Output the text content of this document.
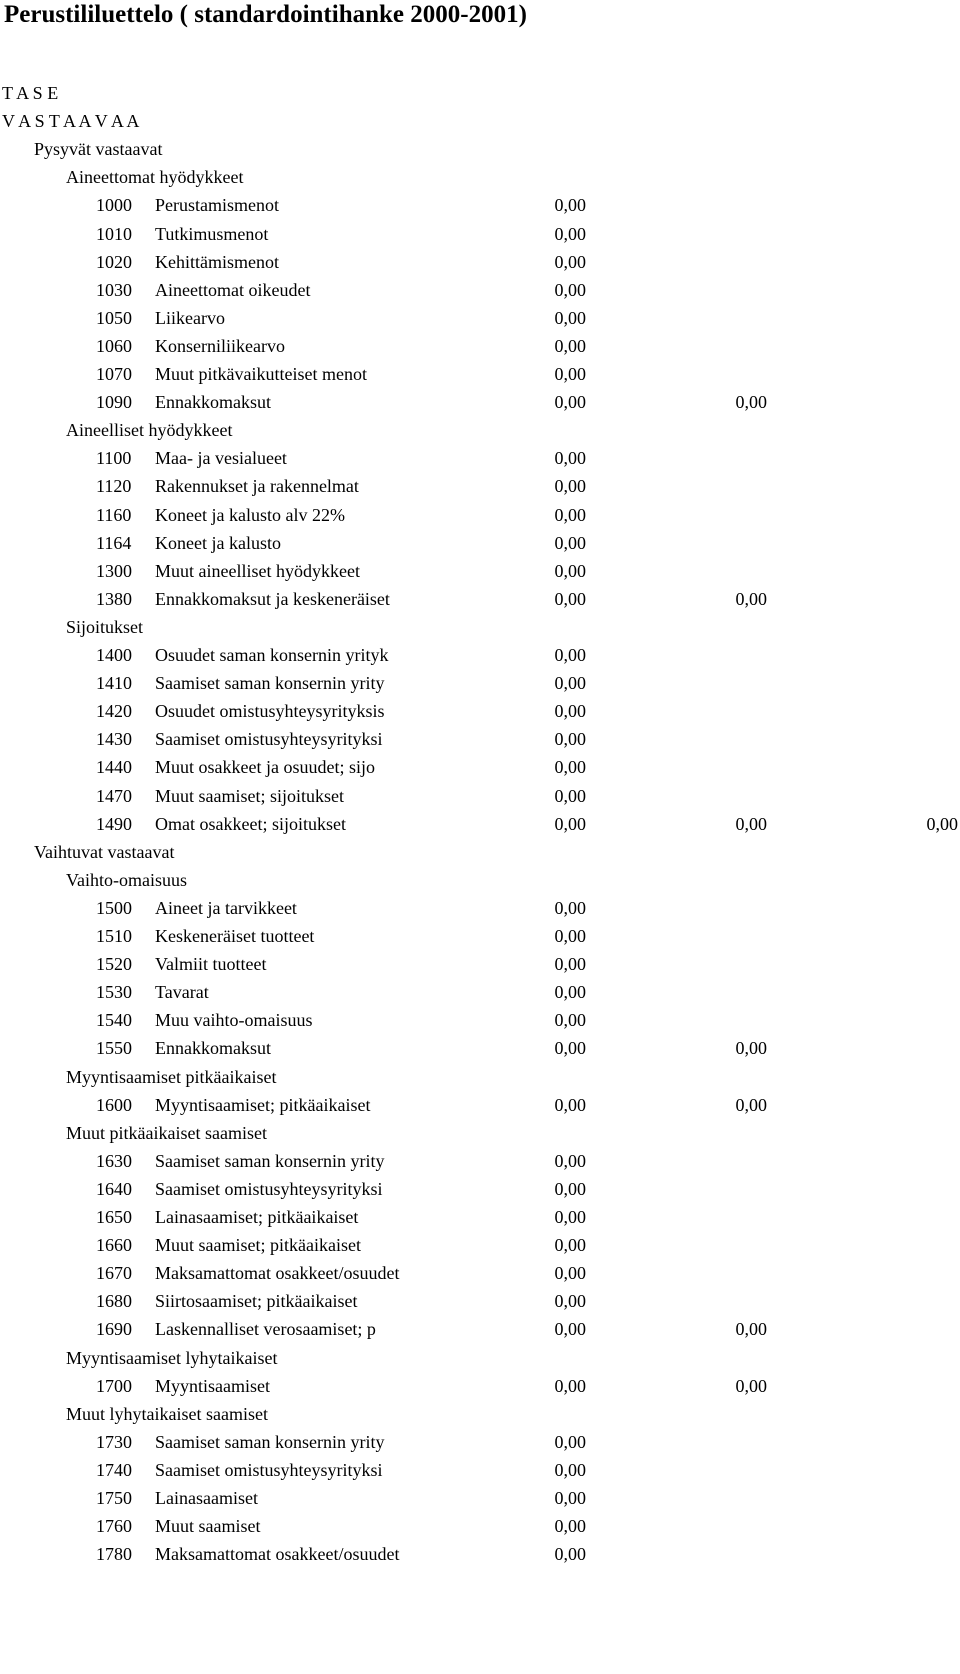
Perustililuettelo ( standardointihanke 2000-2001)
T A S E
V A S T A A V A A
Pysyvät vastaavat
Aineettomat hyödykkeet
1000 Perustamismenot	0,00
1010 Tutkimusmenot	0,00
1020 Kehittämismenot	0,00
1030 Aineettomat oikeudet	0,00
1050 Liikearvo	0,00
1060 Konserniliikearvo	0,00
1070 Muut pitkävaikutteiset menot	0,00
1090 Ennakkomaksut	0,00	0,00
Aineelliset hyödykkeet
1100 Maa- ja vesialueet	0,00
1120 Rakennukset ja rakennelmat	0,00
1160 Koneet ja kalusto alv 22%	0,00
1164 Koneet ja kalusto	0,00
1300 Muut aineelliset hyödykkeet	0,00
1380 Ennakkomaksut ja keskeneräiset	0,00	0,00
Sijoitukset
1400 Osuudet saman konsernin yrityk	0,00
1410 Saamiset saman konsernin yrity	0,00
1420 Osuudet omistusyhteysyrityksis	0,00
1430 Saamiset omistusyhteysyrityksi	0,00
1440 Muut osakkeet ja osuudet; sijo	0,00
1470 Muut saamiset; sijoitukset	0,00
1490 Omat osakkeet; sijoitukset	0,00	0,00	0,00
Vaihtuvat vastaavat
Vaihto-omaisuus
1500 Aineet ja tarvikkeet	0,00
1510 Keskeneräiset tuotteet	0,00
1520 Valmiit tuotteet	0,00
1530 Tavarat	0,00
1540 Muu vaihto-omaisuus	0,00
1550 Ennakkomaksut	0,00	0,00
Myyntisaamiset pitkäaikaiset
1600 Myyntisaamiset; pitkäaikaiset	0,00	0,00
Muut pitkäaikaiset saamiset
1630 Saamiset saman konsernin yrity	0,00
1640 Saamiset omistusyhteysyrityksi	0,00
1650 Lainasaamiset; pitkäaikaiset	0,00
1660 Muut saamiset; pitkäaikaiset	0,00
1670 Maksamattomat osakkeet/osuudet	0,00
1680 Siirtosaamiset; pitkäaikaiset	0,00
1690 Laskennalliset verosaamiset; p	0,00	0,00
Myyntisaamiset lyhytaikaiset
1700 Myyntisaamiset	0,00	0,00
Muut lyhytaikaiset saamiset
1730 Saamiset saman konsernin yrity	0,00
1740 Saamiset omistusyhteysyrityksi	0,00
1750 Lainasaamiset	0,00
1760 Muut saamiset	0,00
1780 Maksamattomat osakkeet/osuudet	0,00
